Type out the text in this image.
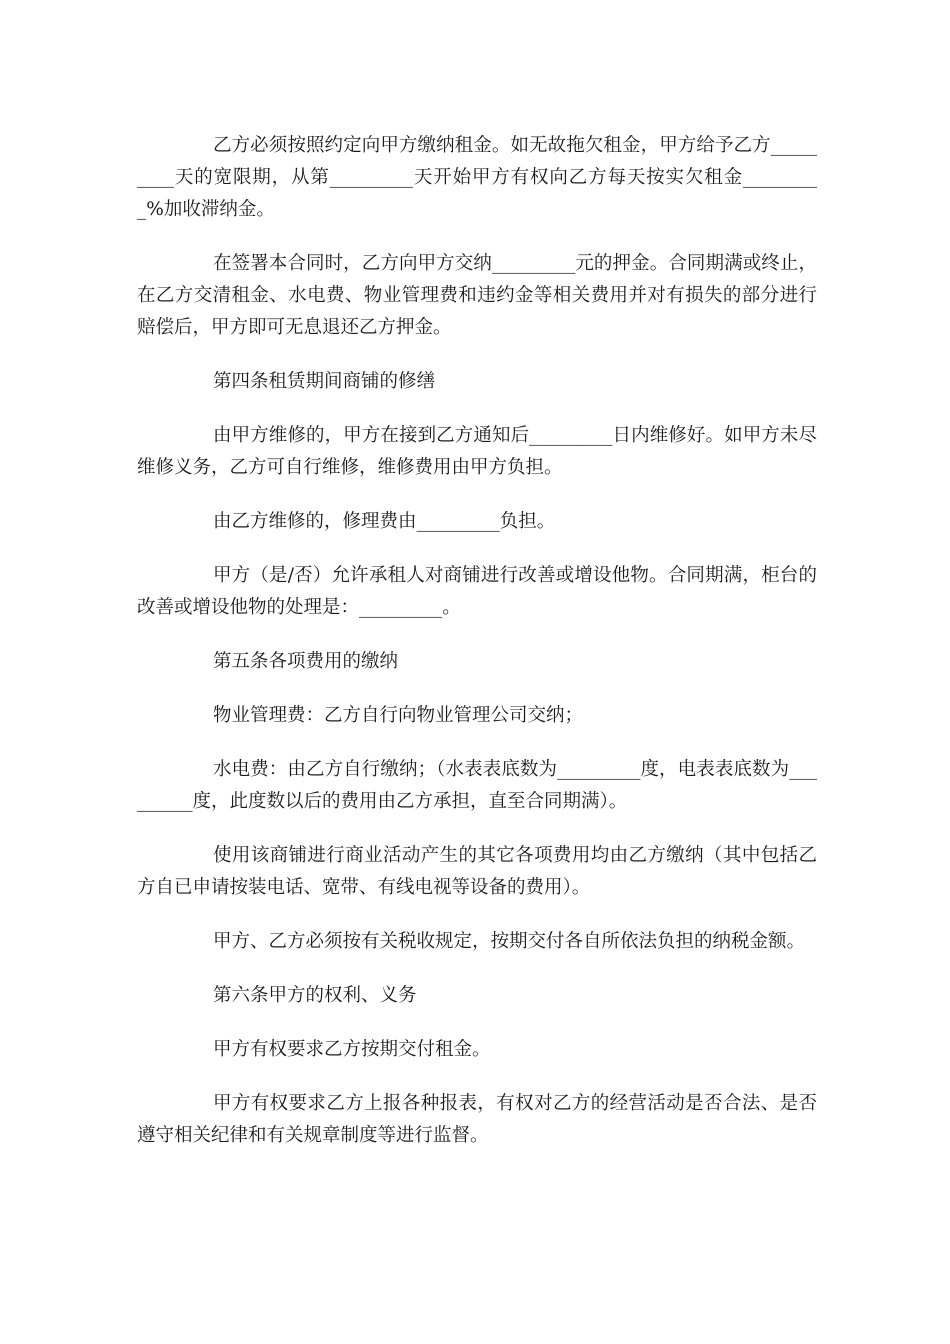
乙方必须按照约定向甲方缴纳租金。如无故拖欠租金，甲方给予乙方_________天的宽限期，从第_________天开始甲方有权向乙方每天按实欠租金_________%加收滞纳金。

在签署本合同时，乙方向甲方交纳_________元的押金。合同期满或终止，在乙方交清租金、水电费、物业管理费和违约金等相关费用并对有损失的部分进行赔偿后，甲方即可无息退还乙方押金。

第四条租赁期间商铺的修缮

由甲方维修的，甲方在接到乙方通知后_________日内维修好。如甲方未尽维修义务，乙方可自行维修，维修费用由甲方负担。

由乙方维修的，修理费由_________负担。

甲方（是/否）允许承租人对商铺进行改善或增设他物。合同期满，柜台的改善或增设他物的处理是：_________。

第五条各项费用的缴纳

物业管理费：乙方自行向物业管理公司交纳；

水电费：由乙方自行缴纳；（水表表底数为_________度，电表表底数为_________度，此度数以后的费用由乙方承担，直至合同期满）。

使用该商铺进行商业活动产生的其它各项费用均由乙方缴纳（其中包括乙方自已申请按装电话、宽带、有线电视等设备的费用）。

甲方、乙方必须按有关税收规定，按期交付各自所依法负担的纳税金额。

第六条甲方的权利、义务

甲方有权要求乙方按期交付租金。

甲方有权要求乙方上报各种报表，有权对乙方的经营活动是否合法、是否遵守相关纪律和有关规章制度等进行监督。
